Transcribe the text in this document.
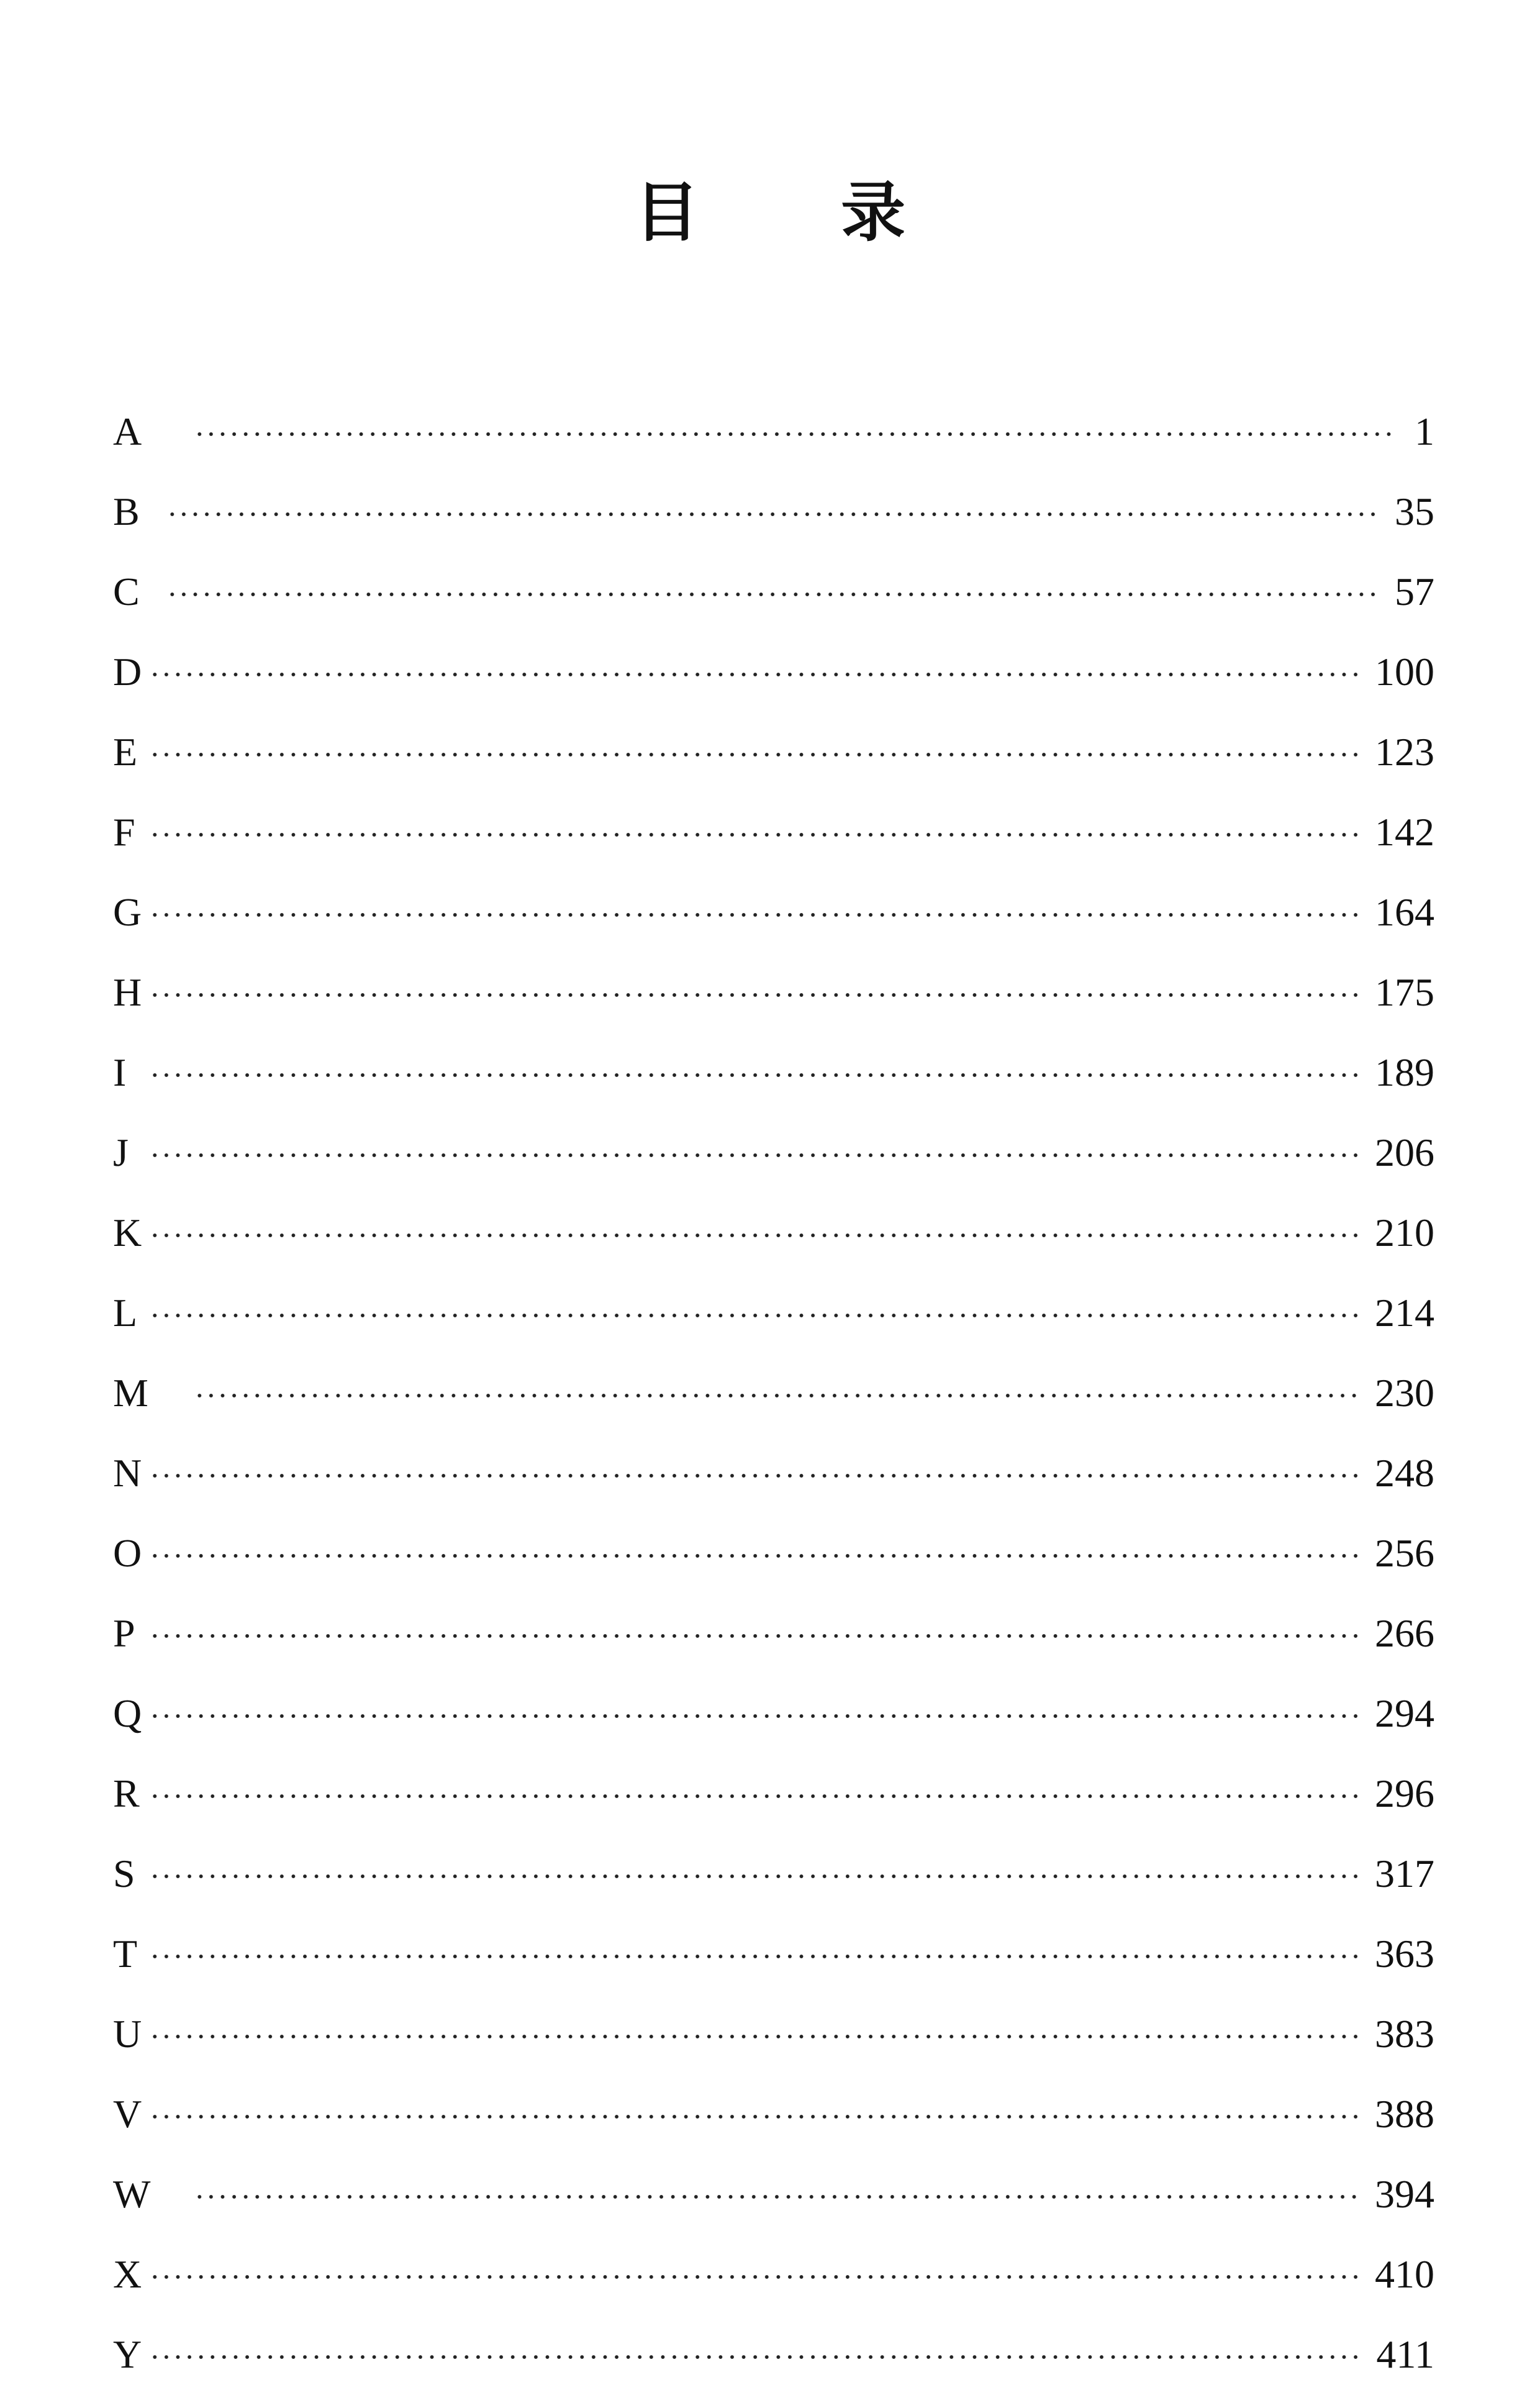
目 录
A	1
B	35
C	57
D	100
E	123
F	142
G	164
H	175
I	189
J	206
K	210
L	214
M	230
N	248
O	256
P	266
Q	294
R	296
S	317
T	363
U	383
V	388
W	394
X	410
Y	411
